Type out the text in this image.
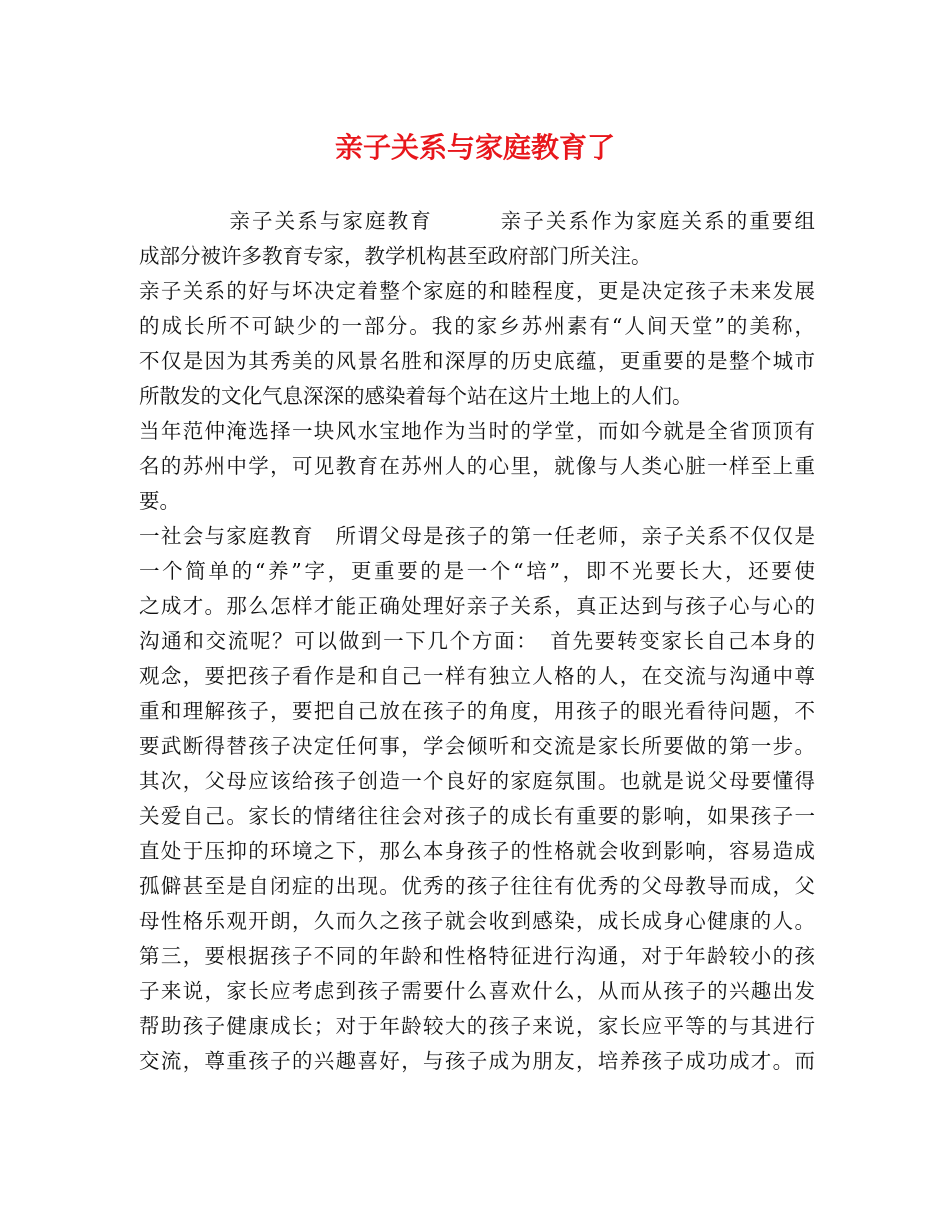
亲子关系与家庭教育了
　　　　亲子关系与家庭教育　　　亲子关系作为家庭关系的重要组
成部分被许多教育专家，教学机构甚至政府部门所关注。
亲子关系的好与坏决定着整个家庭的和睦程度，更是决定孩子未来发展
的成长所不可缺少的一部分。我的家乡苏州素有“人间天堂”的美称，
不仅是因为其秀美的风景名胜和深厚的历史底蕴，更重要的是整个城市
所散发的文化气息深深的感染着每个站在这片土地上的人们。
当年范仲淹选择一块风水宝地作为当时的学堂，而如今就是全省顶顶有
名的苏州中学，可见教育在苏州人的心里，就像与人类心脏一样至上重
要。
一社会与家庭教育　所谓父母是孩子的第一任老师，亲子关系不仅仅是
一个简单的“养”字，更重要的是一个“培”，即不光要长大，还要使
之成才。那么怎样才能正确处理好亲子关系，真正达到与孩子心与心的
沟通和交流呢？可以做到一下几个方面：　首先要转变家长自己本身的
观念，要把孩子看作是和自己一样有独立人格的人，在交流与沟通中尊
重和理解孩子，要把自己放在孩子的角度，用孩子的眼光看待问题，不
要武断得替孩子决定任何事，学会倾听和交流是家长所要做的第一步。
其次，父母应该给孩子创造一个良好的家庭氛围。也就是说父母要懂得
关爱自己。家长的情绪往往会对孩子的成长有重要的影响，如果孩子一
直处于压抑的环境之下，那么本身孩子的性格就会收到影响，容易造成
孤僻甚至是自闭症的出现。优秀的孩子往往有优秀的父母教导而成，父
母性格乐观开朗，久而久之孩子就会收到感染，成长成身心健康的人。
第三，要根据孩子不同的年龄和性格特征进行沟通，对于年龄较小的孩
子来说，家长应考虑到孩子需要什么喜欢什么，从而从孩子的兴趣出发
帮助孩子健康成长；对于年龄较大的孩子来说，家长应平等的与其进行
交流，尊重孩子的兴趣喜好，与孩子成为朋友，培养孩子成功成才。而
